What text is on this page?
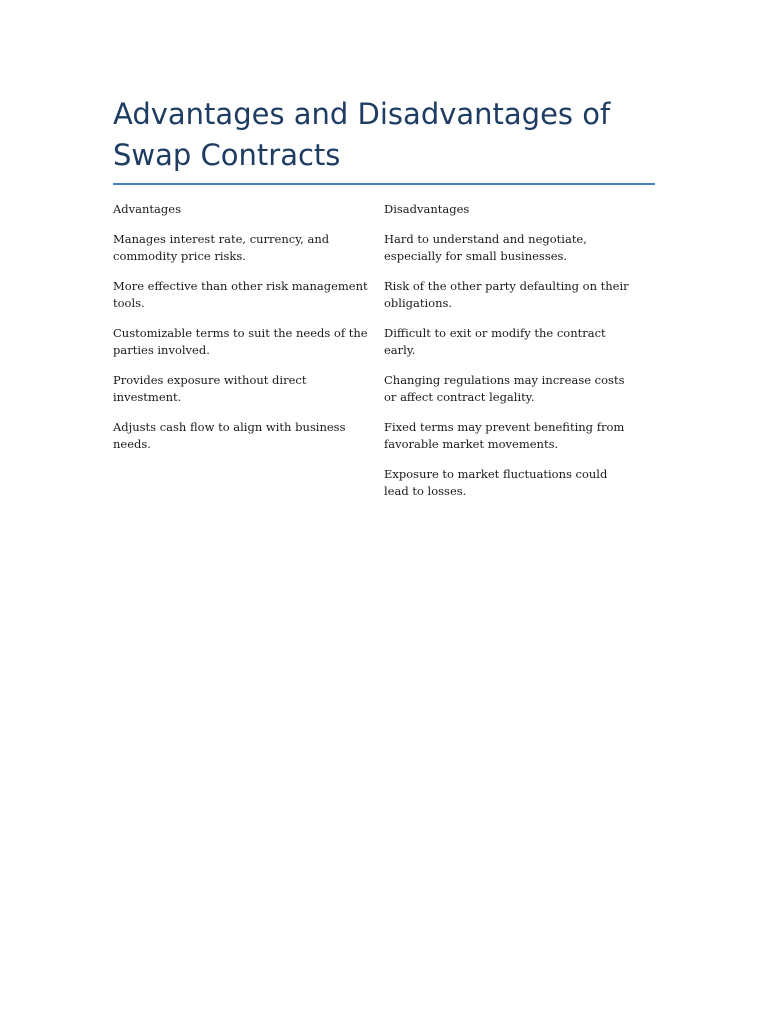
Advantages and Disadvantages of Swap Contracts
Advantages	Disadvantages
Manages interest rate, currency, and commodity price risks.
Hard to understand and negotiate, especially for small businesses.
More effective than other risk management tools.
Risk of the other party defaulting on their obligations.
Customizable terms to suit the needs of the parties involved.
Difficult to exit or modify the contract early.
Provides exposure without direct investment.
Changing regulations may increase costs or affect contract legality.
Adjusts cash flow to align with business needs.
Fixed terms may prevent benefiting from favorable market movements.
Exposure to market fluctuations could lead to losses.
